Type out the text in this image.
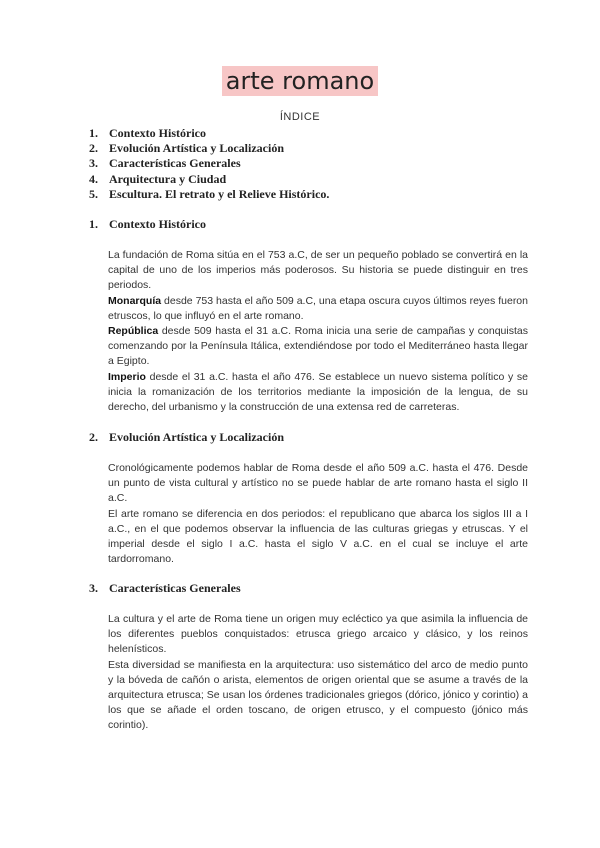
arte romano
ÍNDICE
1. Contexto Histórico
2. Evolución Artística y Localización
3. Características Generales
4. Arquitectura y Ciudad
5. Escultura. El retrato y el Relieve Histórico.
1. Contexto Histórico

La fundación de Roma sitúa en el 753 a.C, de ser un pequeño poblado se convertirá en la capital de uno de los imperios más poderosos. Su historia se puede distinguir en tres periodos.

Monarquía desde 753 hasta el año 509 a.C, una etapa oscura cuyos últimos reyes fueron etruscos, lo que influyó en el arte romano.

República desde 509 hasta el 31 a.C. Roma inicia una serie de campañas y conquistas comenzando por la Península Itálica, extendiéndose por todo el Mediterráneo hasta llegar a Egipto.

Imperio desde el 31 a.C. hasta el año 476. Se establece un nuevo sistema político y se inicia la romanización de los territorios mediante la imposición de la lengua, de su derecho, del urbanismo y la construcción de una extensa red de carreteras.

2. Evolución Artística y Localización

Cronológicamente podemos hablar de Roma desde el año 509 a.C. hasta el 476. Desde un punto de vista cultural y artístico no se puede hablar de arte romano hasta el siglo II a.C.

El arte romano se diferencia en dos periodos: el republicano que abarca los siglos III a I a.C., en el que podemos observar la influencia de las culturas griegas y etruscas. Y el imperial desde el siglo I a.C. hasta el siglo V a.C. en el cual se incluye el arte tardorromano.

3. Características Generales

La cultura y el arte de Roma tiene un origen muy ecléctico ya que asimila la influencia de los diferentes pueblos conquistados: etrusca griego arcaico y clásico, y los reinos helenísticos.

Esta diversidad se manifiesta en la arquitectura: uso sistemático del arco de medio punto y la bóveda de cañón o arista, elementos de origen oriental que se asume a través de la arquitectura etrusca; Se usan los órdenes tradicionales griegos (dórico, jónico y corintio) a los que se añade el orden toscano, de origen etrusco, y el compuesto (jónico más corintio).
